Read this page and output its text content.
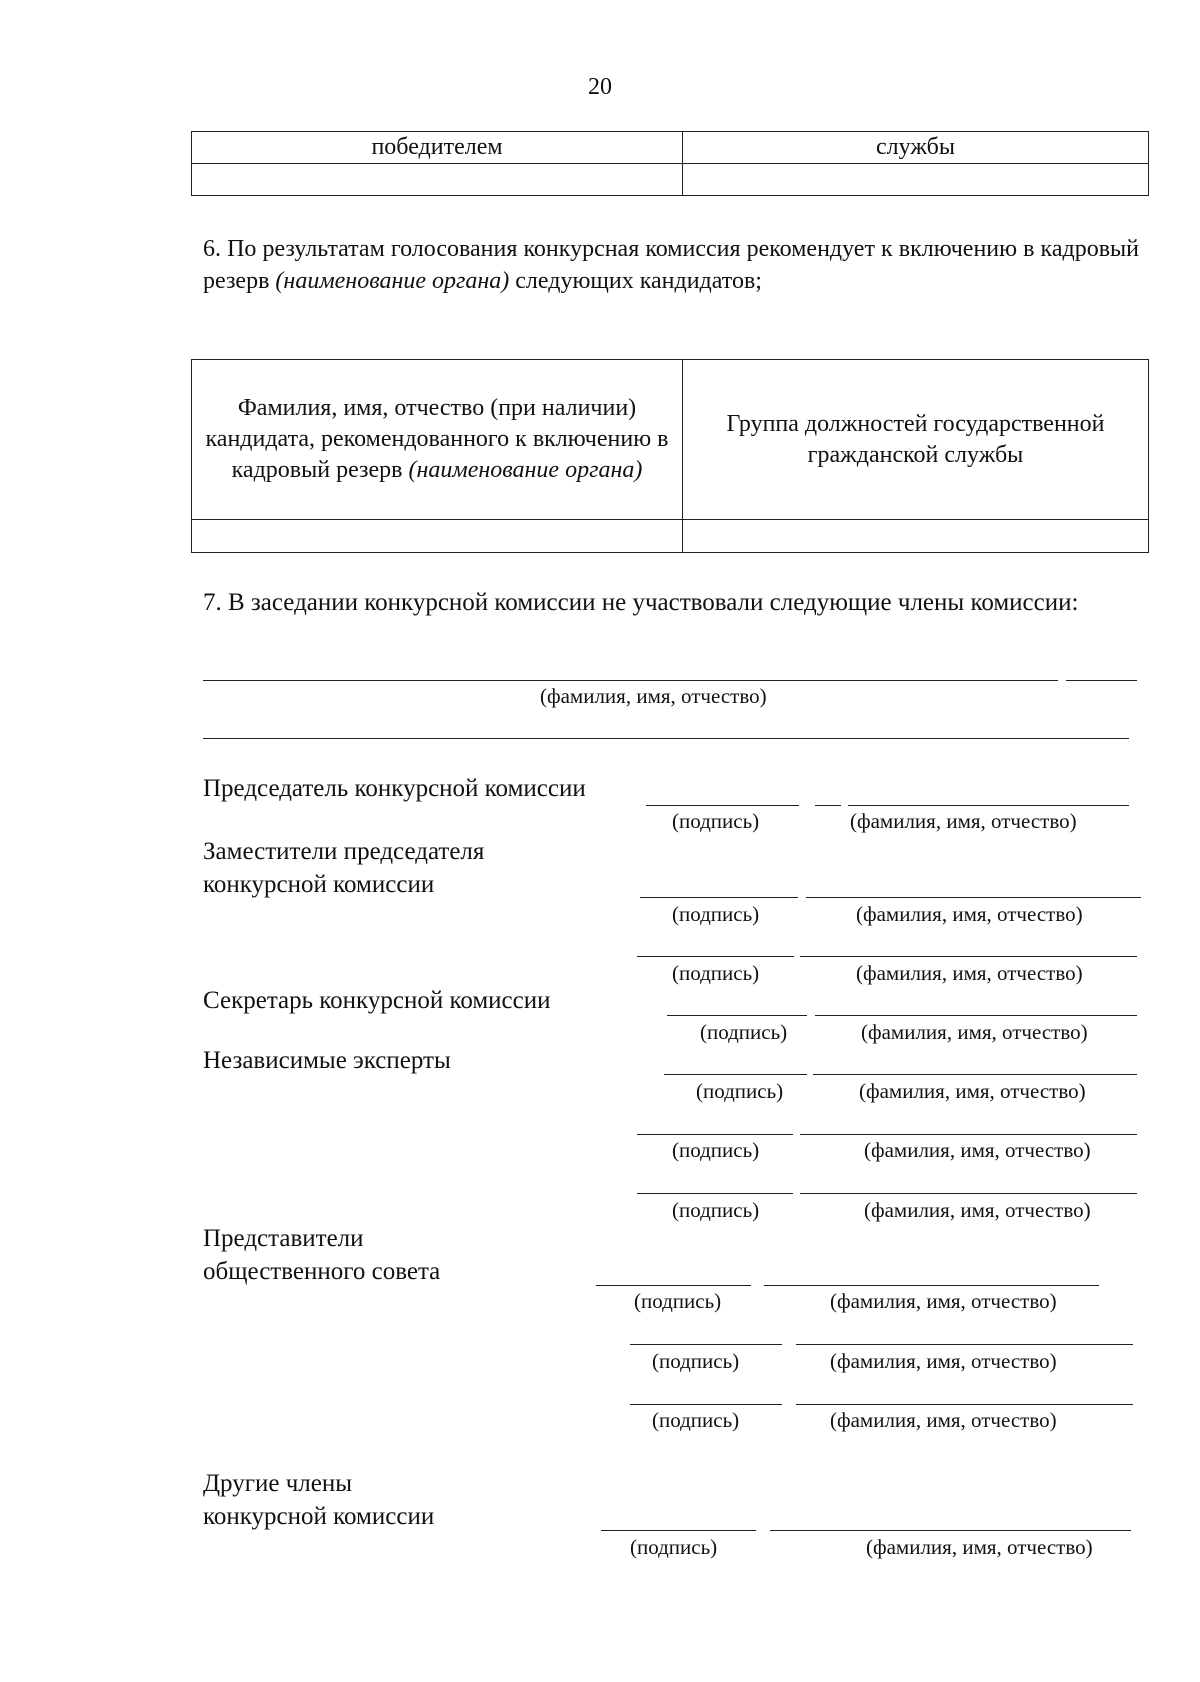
20
победителем	службы

6. По результатам голосования конкурсная комиссия рекомендует к включению в кадровый резерв (наименование органа) следующих кандидатов;
Фамилия, имя, отчество (при наличии) кандидата, рекомендованного к включению в кадровый резерв (наименование органа)	Группа должностей государственной гражданской службы

7. В заседании конкурсной комиссии не участвовали следующие члены комиссии:
(фамилия, имя, отчество)
Председатель конкурсной комиссии
(подпись)	(фамилия, имя, отчество)
Заместители председателя
конкурсной комиссии
(подпись)	(фамилия, имя, отчество)
(подпись)	(фамилия, имя, отчество)
Секретарь конкурсной комиссии
(подпись)	(фамилия, имя, отчество)
Независимые эксперты
(подпись)	(фамилия, имя, отчество)
(подпись)	(фамилия, имя, отчество)
(подпись)	(фамилия, имя, отчество)
Представители
общественного совета
(подпись)	(фамилия, имя, отчество)
(подпись)	(фамилия, имя, отчество)
(подпись)	(фамилия, имя, отчество)
Другие члены
конкурсной комиссии
(подпись)	(фамилия, имя, отчество)
